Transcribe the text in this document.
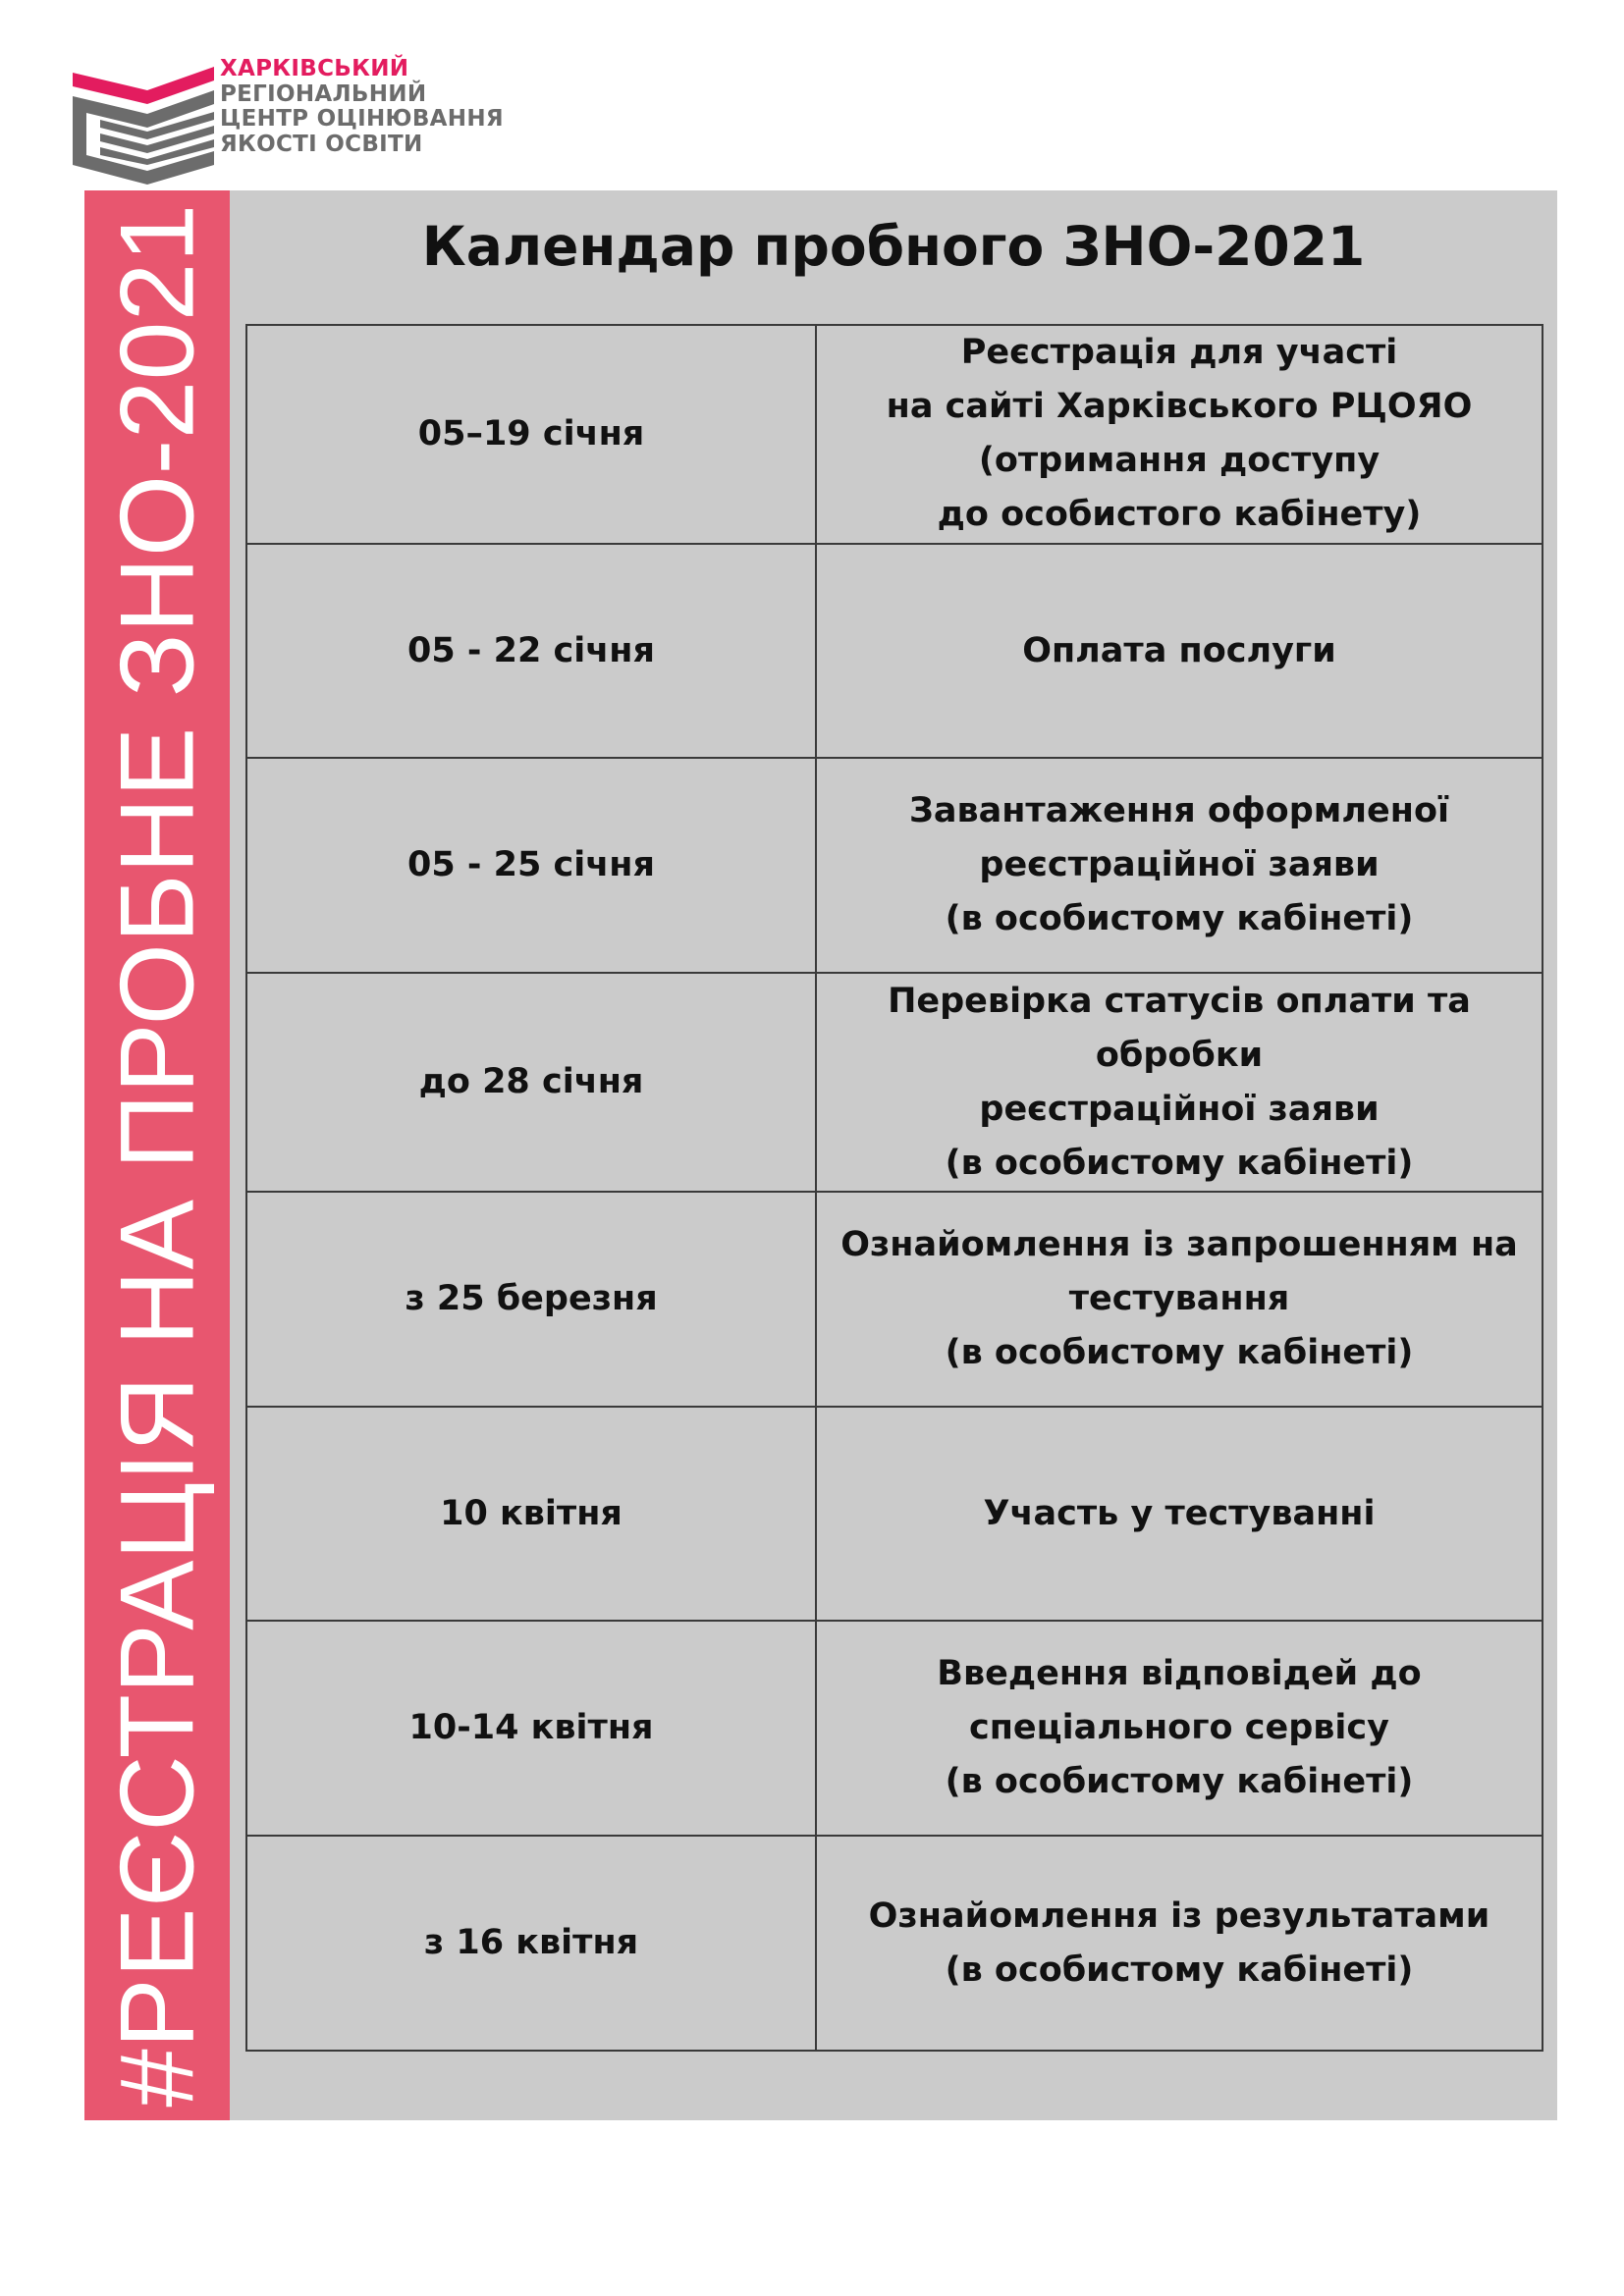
ХАРКІВСЬКИЙ
РЕГІОНАЛЬНИЙ
ЦЕНТР ОЦІНЮВАННЯ
ЯКОСТІ ОСВІТИ

#РЕЄСТРАЦІЯ НА ПРОБНЕ ЗНО-2021	Календар пробного ЗНО-2021
05–19 січня	Реєстрація для участі
на сайті Харківського РЦОЯО
(отримання доступу
до особистого кабінету)
05 - 22 січня	Оплата послуги
05 - 25 січня	Завантаження оформленої
реєстраційної заяви
(в особистому кабінеті)
до 28 січня	Перевірка статусів оплати та обробки
реєстраційної заяви
(в особистому кабінеті)
з 25 березня	Ознайомлення із запрошенням на
тестування
(в особистому кабінеті)
10 квітня	Участь у тестуванні
10-14 квітня	Введення відповідей до
спеціального сервісу
(в особистому кабінеті)
з 16 квітня	Ознайомлення із результатами
(в особистому кабінеті)
